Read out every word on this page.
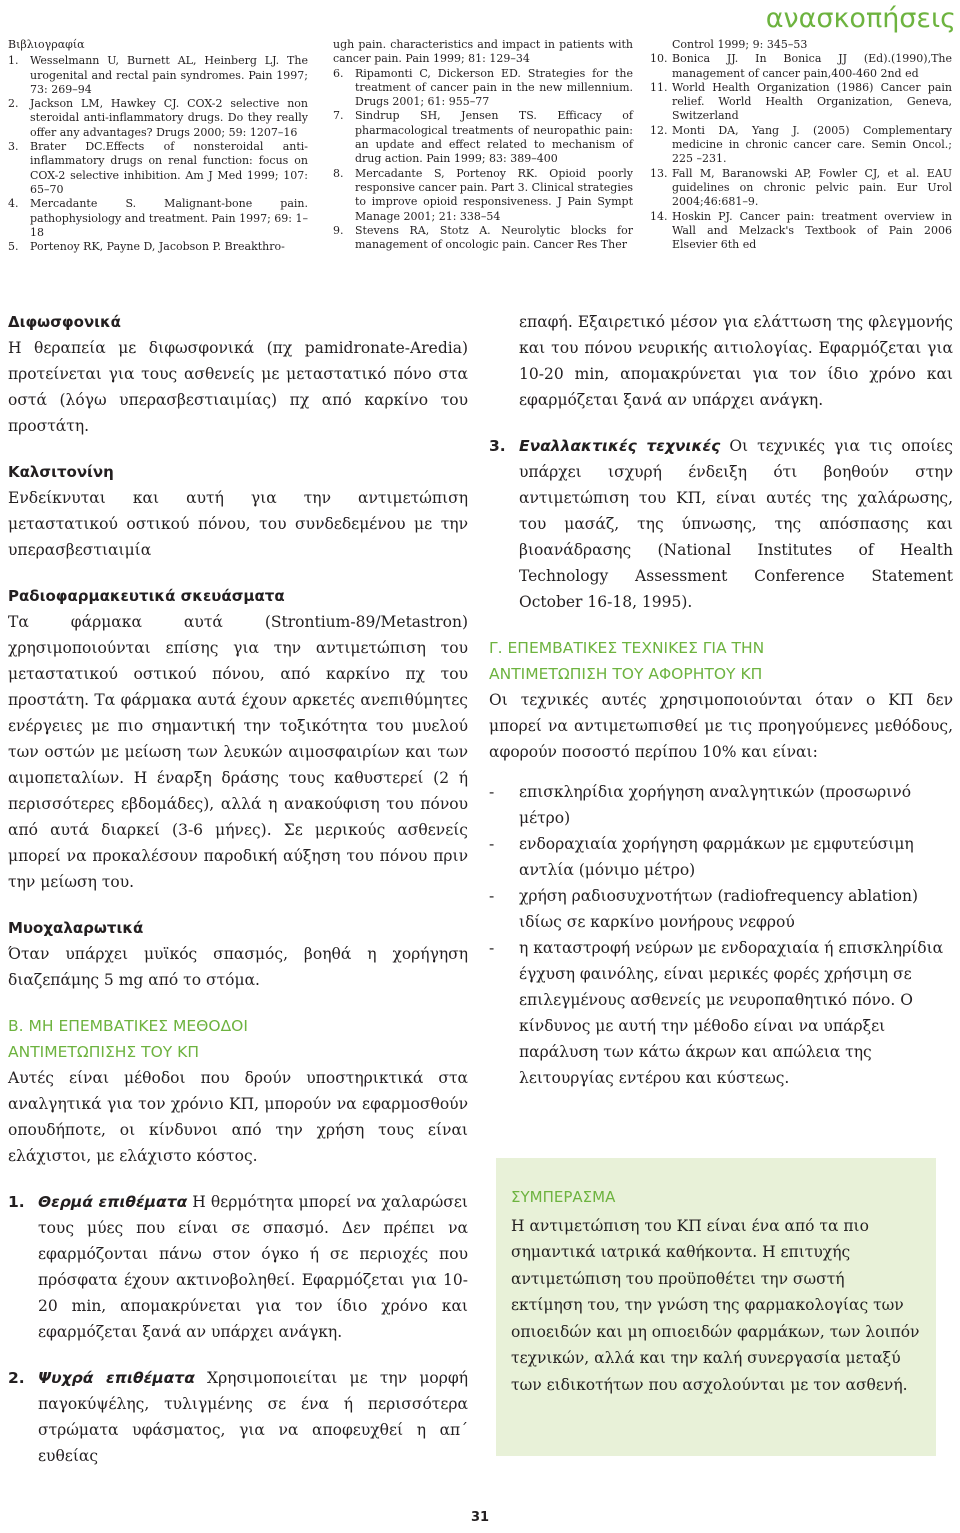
ανασκοπήσεις

Βιβλιογραφία

1.	Wesselmann U, Burnett AL, Heinberg LJ. The urogenital and rectal pain syndromes. Pain 1997; 73: 269–94
2.	Jackson LM, Hawkey CJ. COX-2 selective non steroidal anti-inflammatory drugs. Do they really offer any advantages? Drugs 2000; 59: 1207–16
3.	Brater DC.Effects of nonsteroidal anti-inflammatory drugs on renal function: focus on COX-2 selective inhibition. Am J Med 1999; 107: 65–70
4.	Mercadante S. Malignant-bone pain. pathophysiology and treatment. Pain 1997; 69: 1–18
5.	Portenoy RK, Payne D, Jacobson P. Breakthro-
ugh pain. characteristics and impact in patients with cancer pain. Pain 1999; 81: 129–34
6.	Ripamonti C, Dickerson ED. Strategies for the treatment of cancer pain in the new millennium. Drugs 2001; 61: 955–77
7.	Sindrup SH, Jensen TS. Efficacy of pharmacological treatments of neuropathic pain: an update and effect related to mechanism of drug action. Pain 1999; 83: 389–400
8.	Mercadante S, Portenoy RK. Opioid poorly responsive cancer pain. Part 3. Clinical strategies to improve opioid responsiveness. J Pain Sympt Manage 2001; 21: 338–54
9.	Stevens RA, Stotz A. Neurolytic blocks for management of oncologic pain. Cancer Res Ther
Control 1999; 9: 345–53
10. Bonica JJ. In Bonica JJ (Ed).(1990),The management of cancer pain,400-460 2nd ed
11. World Health Organization (1986) Cancer pain relief. World Health Organization, Geneva, Switzerland
12. Monti DA, Yang J. (2005) Complementary medicine in chronic cancer care. Semin Oncol.; 225 –231.
13. Fall M, Baranowski AP, Fowler CJ, et al. EAU guidelines on chronic pelvic pain. Eur Urol 2004;46:681–9.
14. Hoskin PJ. Cancer pain: treatment overview in Wall and Melzack's Textbook of Pain 2006 Elsevier 6th ed

Διφωσφονικά

Η θεραπεία με διφωσφονικά (πχ pamidronate-Aredia) προτείνεται για τους ασθενείς με μεταστατικό πόνο στα οστά (λόγω υπερασβεστιαιμίας) πχ από καρκίνο του προστάτη.

Καλσιτονίνη

Ενδείκνυται και αυτή για την αντιμετώπιση μεταστατικού οστικού πόνου, του συνδεδεμένου με την υπερασβεστιαιμία

Ραδιοφαρμακευτικά σκευάσματα

Τα φάρμακα αυτά (Strontium-89/Metastron) χρησιμοποιούνται επίσης για την αντιμετώπιση του μεταστατικού οστικού πόνου, από καρκίνο πχ του προστάτη. Τα φάρμακα αυτά έχουν αρκετές ανεπιθύμητες ενέργειες με πιο σημαντική την τοξικότητα του μυελού των οστών με μείωση των λευκών αιμοσφαιρίων και των αιμοπεταλίων. Η έναρξη δράσης τους καθυστερεί (2 ή περισσότερες εβδομάδες), αλλά η ανακούφιση του πόνου από αυτά διαρκεί (3-6 μήνες). Σε μερικούς ασθενείς μπορεί να προκαλέσουν παροδική αύξηση του πόνου πριν την μείωση του.

Μυοχαλαρωτικά

Όταν υπάρχει μυϊκός σπασμός, βοηθά η χορήγηση διαζεπάμης 5 mg από το στόμα.

Β. ΜΗ ΕΠΕΜΒΑΤΙΚΕΣ ΜΕΘΟΔΟΙ
ΑΝΤΙΜΕΤΩΠΙΣΗΣ ΤΟΥ ΚΠ

Αυτές είναι μέθοδοι που δρούν υποστηρικτικά στα αναλγητικά για τον χρόνιο ΚΠ, μπορούν να εφαρμοσθούν οπουδήποτε, οι κίνδυνοι από την χρήση τους είναι ελάχιστοι, με ελάχιστο κόστος.

1. Θερμά επιθέματα Η θερμότητα μπορεί να χαλαρώσει τους μύες που είναι σε σπασμό. Δεν πρέπει να εφαρμόζονται πάνω στον όγκο ή σε περιοχές που πρόσφατα έχουν ακτινοβοληθεί. Εφαρμόζεται για 10-20 min, απομακρύνεται για τον ίδιο χρόνο και εφαρμόζεται ξανά αν υπάρχει ανάγκη.
2. Ψυχρά επιθέματα Χρησιμοποιείται με την μορφή παγοκύψέλης, τυλιγμένης σε ένα ή περισσότερα στρώματα υφάσματος, για να αποφευχθεί η απ΄ ευθείας

επαφή. Εξαιρετικό μέσον για ελάττωση της φλεγμονής και του πόνου νευρικής αιτιολογίας. Εφαρμόζεται για 10-20 min, απομακρύνεται για τον ίδιο χρόνο και εφαρμόζεται ξανά αν υπάρχει ανάγκη.

3. Εναλλακτικές τεχνικές Οι τεχνικές για τις οποίες υπάρχει ισχυρή ένδειξη ότι βοηθούν στην αντιμετώπιση του ΚΠ, είναι αυτές της χαλάρωσης, του μασάζ, της ύπνωσης, της απόσπασης και βιοανάδρασης (National Institutes of Health Technology Assessment Conference Statement October 16-18, 1995).

Γ. ΕΠΕΜΒΑΤΙΚΕΣ ΤΕΧΝΙΚΕΣ ΓΙΑ ΤΗΝ
ΑΝΤΙΜΕΤΩΠΙΣΗ ΤΟΥ ΑΦΟΡΗΤΟΥ ΚΠ

Οι τεχνικές αυτές χρησιμοποιούνται όταν ο ΚΠ δεν μπορεί να αντιμετωπισθεί με τις προηγούμενες μεθόδους, αφορούν ποσοστό περίπου 10% και είναι:

-	επισκληρίδια χορήγηση αναλγητικών (προσωρινό μέτρο)
-	ενδοραχιαία χορήγηση φαρμάκων με εμφυτεύσιμη αντλία (μόνιμο μέτρο)
-	χρήση ραδιοσυχνοτήτων (radiofrequency ablation) ιδίως σε καρκίνο μονήρους νεφρού
-	η καταστροφή νεύρων με ενδοραχιαία ή επισκληρίδια έγχυση φαινόλης, είναι μερικές φορές χρήσιμη σε επιλεγμένους ασθενείς με νευροπαθητικό πόνο. Ο κίνδυνος με αυτή την μέθοδο είναι να υπάρξει παράλυση των κάτω άκρων και απώλεια της λειτουργίας εντέρου και κύστεως.

ΣΥΜΠΕΡΑΣΜΑ

Η αντιμετώπιση του ΚΠ είναι ένα από τα πιο σημαντικά ιατρικά καθήκοντα. Η επιτυχής αντιμετώπιση του προϋποθέτει την σωστή εκτίμηση του, την γνώση της φαρμακολογίας των οπιοειδών και μη οπιοειδών φαρμάκων, των λοιπόν τεχνικών, αλλά και την καλή συνεργασία μεταξύ των ειδικοτήτων που ασχολούνται με τον ασθενή.

31
